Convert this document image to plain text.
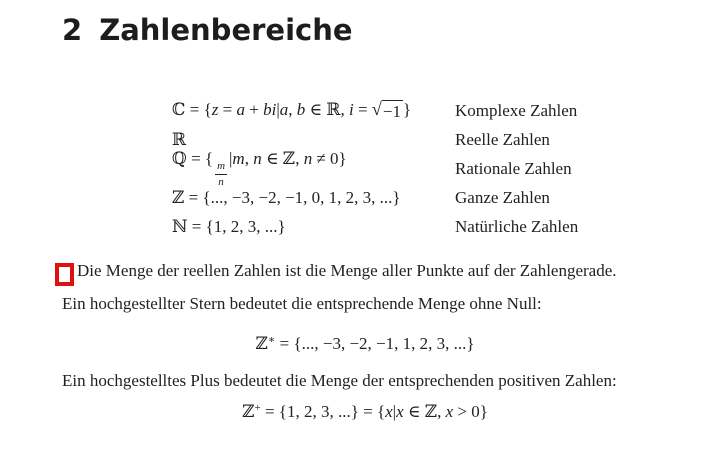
2 Zahlenbereiche
ℂ = {z = a + bi|a, b ∈ ℝ, i = √ −1 }	Komplexe Zahlen
ℝ	Reelle Zahlen
ℚ = {
$\frac{m}{n}$
|m, n ∈ ℤ, n ≠ 0}	Rationale Zahlen
ℤ = {..., −3, −2, −1, 0, 1, 2, 3, ...}	Ganze Zahlen
ℕ = {1, 2, 3, ...}	Natürliche Zahlen
Die Menge der reellen Zahlen ist die Menge aller Punkte auf der Zahlengerade.
Ein hochgestellter Stern bedeutet die entsprechende Menge ohne Null:
ℤ∗ = {..., −3, −2, −1, 1, 2, 3, ...}
Ein hochgestelltes Plus bedeutet die Menge der entsprechenden positiven Zahlen:
ℤ+ = {1, 2, 3, ...} = {x|x ∈ ℤ, x > 0}
